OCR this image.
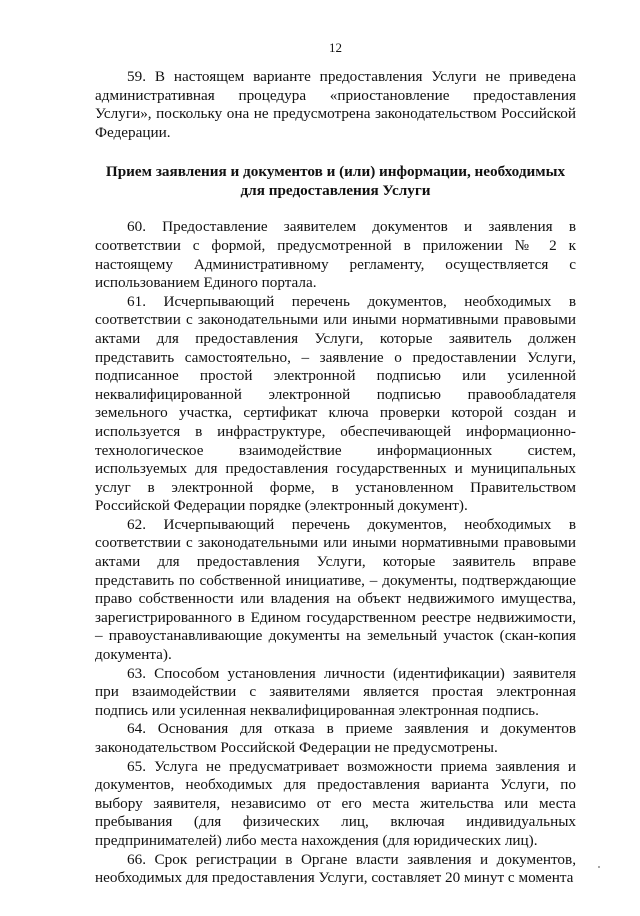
12

59. В настоящем варианте предоставления Услуги не приведена административная процедура «приостановление предоставления Услуги», поскольку она не предусмотрена законодательством Российской Федерации.

Прием заявления и документов и (или) информации, необходимых для предоставления Услуги

60. Предоставление заявителем документов и заявления в соответствии с формой, предусмотренной в приложении № 2 к настоящему Административному регламенту, осуществляется с использованием Единого портала.

61. Исчерпывающий перечень документов, необходимых в соответствии с законодательными или иными нормативными правовыми актами для предоставления Услуги, которые заявитель должен представить самостоятельно, – заявление о предоставлении Услуги, подписанное простой электронной подписью или усиленной неквалифицированной электронной подписью правообладателя земельного участка, сертификат ключа проверки которой создан и используется в инфраструктуре, обеспечивающей информационно-технологическое взаимодействие информационных систем, используемых для предоставления государственных и муниципальных услуг в электронной форме, в установленном Правительством Российской Федерации порядке (электронный документ).

62. Исчерпывающий перечень документов, необходимых в соответствии с законодательными или иными нормативными правовыми актами для предоставления Услуги, которые заявитель вправе представить по собственной инициативе, – документы, подтверждающие право собственности или владения на объект недвижимого имущества, зарегистрированного в Едином государственном реестре недвижимости, – правоустанавливающие документы на земельный участок (скан-копия документа).

63. Способом установления личности (идентификации) заявителя при взаимодействии с заявителями является простая электронная подпись или усиленная неквалифицированная электронная подпись.

64. Основания для отказа в приеме заявления и документов законодательством Российской Федерации не предусмотрены.

65. Услуга не предусматривает возможности приема заявления и документов, необходимых для предоставления варианта Услуги, по выбору заявителя, независимо от его места жительства или места пребывания (для физических лиц, включая индивидуальных предпринимателей) либо места нахождения (для юридических лиц).

66. Срок регистрации в Органе власти заявления и документов, необходимых для предоставления Услуги, составляет 20 минут с момента
